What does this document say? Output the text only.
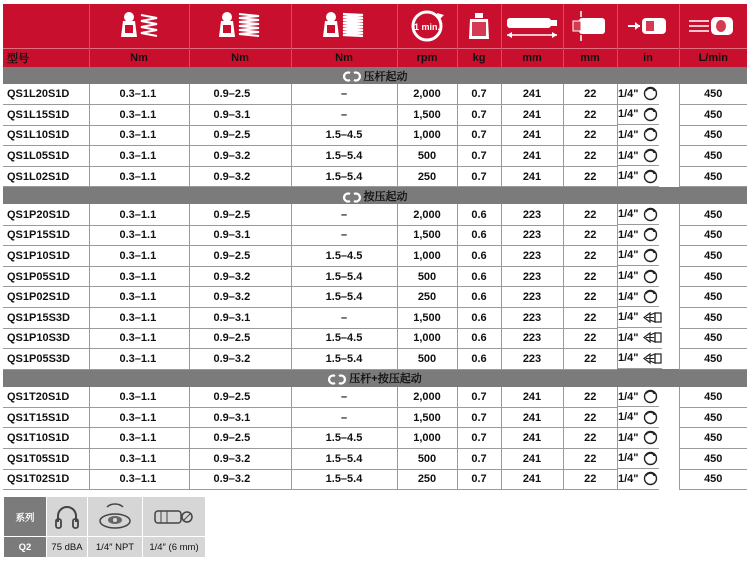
1 min.

型号	Nm	Nm	Nm	rpm	kg	mm	mm	in	L/min

压杆起动									
QS1L20S1D	0.3–1.1	0.9–2.5	–	2,000	0.7	241	22	1/4"	450
QS1L15S1D	0.3–1.1	0.9–3.1	–	1,500	0.7	241	22	1/4"	450
QS1L10S1D	0.3–1.1	0.9–2.5	1.5–4.5	1,000	0.7	241	22	1/4"	450
QS1L05S1D	0.3–1.1	0.9–3.2	1.5–5.4	500	0.7	241	22	1/4"	450
QS1L02S1D	0.3–1.1	0.9–3.2	1.5–5.4	250	0.7	241	22	1/4"	450

按压起动									
QS1P20S1D	0.3–1.1	0.9–2.5	–	2,000	0.6	223	22	1/4"	450
QS1P15S1D	0.3–1.1	0.9–3.1	–	1,500	0.6	223	22	1/4"	450
QS1P10S1D	0.3–1.1	0.9–2.5	1.5–4.5	1,000	0.6	223	22	1/4"	450
QS1P05S1D	0.3–1.1	0.9–3.2	1.5–5.4	500	0.6	223	22	1/4"	450
QS1P02S1D	0.3–1.1	0.9–3.2	1.5–5.4	250	0.6	223	22	1/4"	450
QS1P15S3D	0.3–1.1	0.9–3.1	–	1,500	0.6	223	22	1/4"	450
QS1P10S3D	0.3–1.1	0.9–2.5	1.5–4.5	1,000	0.6	223	22	1/4"	450
QS1P05S3D	0.3–1.1	0.9–3.2	1.5–5.4	500	0.6	223	22	1/4"	450

压杆+按压起动									
QS1T20S1D	0.3–1.1	0.9–2.5	–	2,000	0.7	241	22	1/4"	450
QS1T15S1D	0.3–1.1	0.9–3.1	–	1,500	0.7	241	22	1/4"	450
QS1T10S1D	0.3–1.1	0.9–2.5	1.5–4.5	1,000	0.7	241	22	1/4"	450
QS1T05S1D	0.3–1.1	0.9–3.2	1.5–5.4	500	0.7	241	22	1/4"	450
QS1T02S1D	0.3–1.1	0.9–3.2	1.5–5.4	250	0.7	241	22	1/4"	450
系列	

Q2	75 dBA	1/4″ NPT	1/4″ (6 mm)
